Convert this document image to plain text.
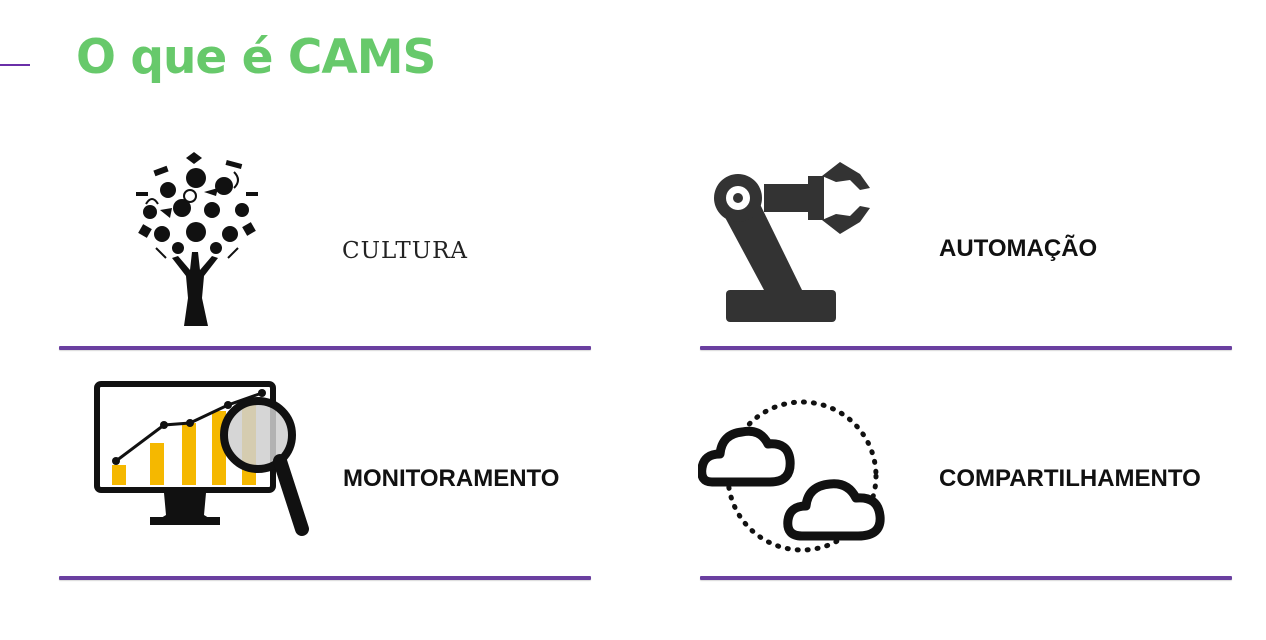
O que é CAMS
CULTURA	AUTOMAÇÃO
MONITORAMENTO	COMPARTILHAMENTO
